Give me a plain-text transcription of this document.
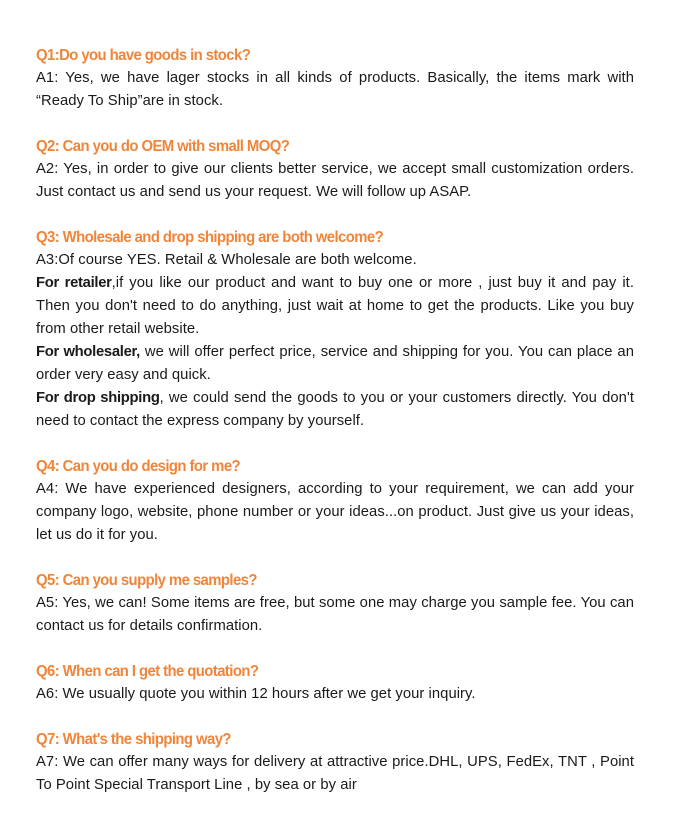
Q1:Do you have goods in stock?

A1: Yes, we have lager stocks in all kinds of products. Basically, the items mark with “Ready To Ship”are in stock.

Q2: Can you do OEM with small MOQ?

A2: Yes, in order to give our clients better service, we accept small customization orders. Just contact us and send us your request. We will follow up ASAP.

Q3: Wholesale and drop shipping are both welcome?

A3:Of course YES. Retail & Wholesale are both welcome.

For retailer,if you like our product and want to buy one or more , just buy it and pay it. Then you don't need to do anything, just wait at home to get the products. Like you buy from other retail website.

For wholesaler, we will offer perfect price, service and shipping for you. You can place an order very easy and quick.

For drop shipping, we could send the goods to you or your customers directly. You don't need to contact the express company by yourself.

Q4: Can you do design for me?

A4: We have experienced designers, according to your requirement, we can add your company logo, website, phone number or your ideas...on product. Just give us your ideas, let us do it for you.

Q5: Can you supply me samples?

A5: Yes, we can! Some items are free, but some one may charge you sample fee. You can contact us for details confirmation.

Q6: When can I get the quotation?

A6: We usually quote you within 12 hours after we get your inquiry.

Q7: What's the shipping way?

A7: We can offer many ways for delivery at attractive price.DHL, UPS, FedEx, TNT , Point To Point Special Transport Line , by sea or by air
